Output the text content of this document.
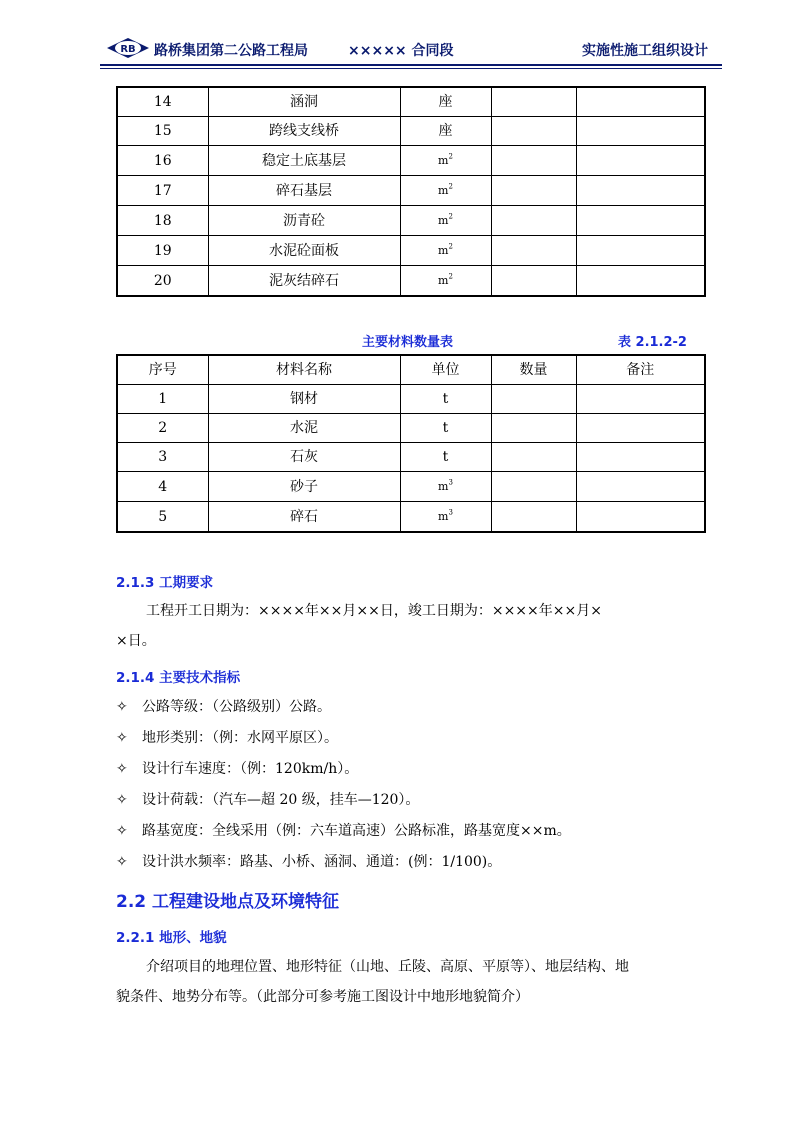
RB 路桥集团第二公路工程局	××××× 合同段	实施性施工组织设计
14	涵洞	座		
15	跨线支线桥	座		
16	稳定土底基层	$m^2$		
17	碎石基层	$m^2$		
18	沥青砼	$m^2$		
19	水泥砼面板	$m^2$		
20	泥灰结碎石	$m^2$		
主要材料数量表	表 2.1.2-2
序号	材料名称	单位	数量	备注
1	钢材	t		
2	水泥	t		
3	石灰	t		
4	砂子	$m^3$		
5	碎石	$m^3$		
2.1.3 工期要求
工程开工日期为：××××年××月××日，竣工日期为：××××年××月×
×日。
2.1.4 主要技术指标
✧ 公路等级：（公路级别）公路。
✧ 地形类别：（例：水网平原区）。
✧ 设计行车速度：（例：120km/h）。
✧ 设计荷载：（汽车—超 20 级，挂车—120）。
✧ 路基宽度：全线采用（例：六车道高速）公路标准，路基宽度××m。
✧ 设计洪水频率：路基、小桥、涵洞、通道：(例：1/100)。
2.2 工程建设地点及环境特征
2.2.1 地形、地貌
介绍项目的地理位置、地形特征（山地、丘陵、高原、平原等）、地层结构、地
貌条件、地势分布等。（此部分可参考施工图设计中地形地貌简介）
